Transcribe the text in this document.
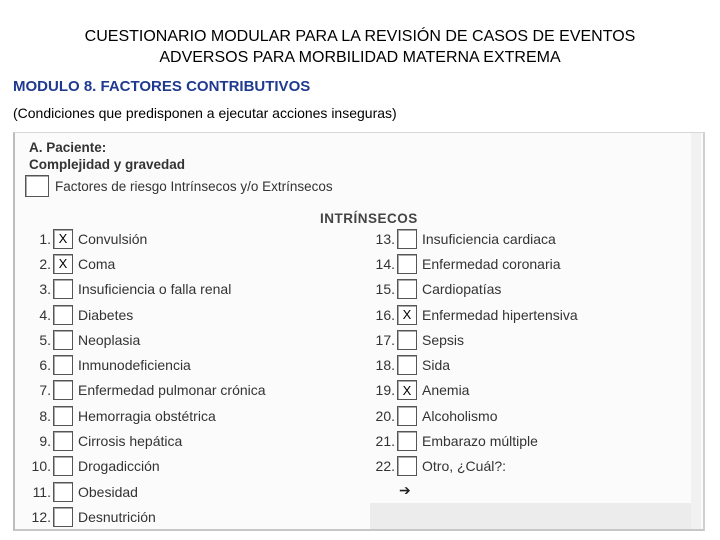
CUESTIONARIO MODULAR PARA LA REVISIÓN DE CASOS DE EVENTOS
ADVERSOS PARA MORBILIDAD MATERNA EXTREMA
MODULO 8. FACTORES CONTRIBUTIVOS
(Condiciones que predisponen a ejecutar acciones inseguras)
A. Paciente:
Complejidad y gravedad
Factores de riesgo Intrínsecos y/o Extrínsecos
INTRÍNSECOS
1. X Convulsión
2. X Coma
3. Insuficiencia o falla renal
4. Diabetes
5. Neoplasia
6. Inmunodeficiencia
7. Enfermedad pulmonar crónica
8. Hemorragia obstétrica
9. Cirrosis hepática
10. Drogadicción
11. Obesidad
12. Desnutrición
13. Insuficiencia cardiaca
14. Enfermedad coronaria
15. Cardiopatías
16. X Enfermedad hipertensiva
17. Sepsis
18. Sida
19. X Anemia
20. Alcoholismo
21. Embarazo múltiple
22. Otro, ¿Cuál?:
➔
